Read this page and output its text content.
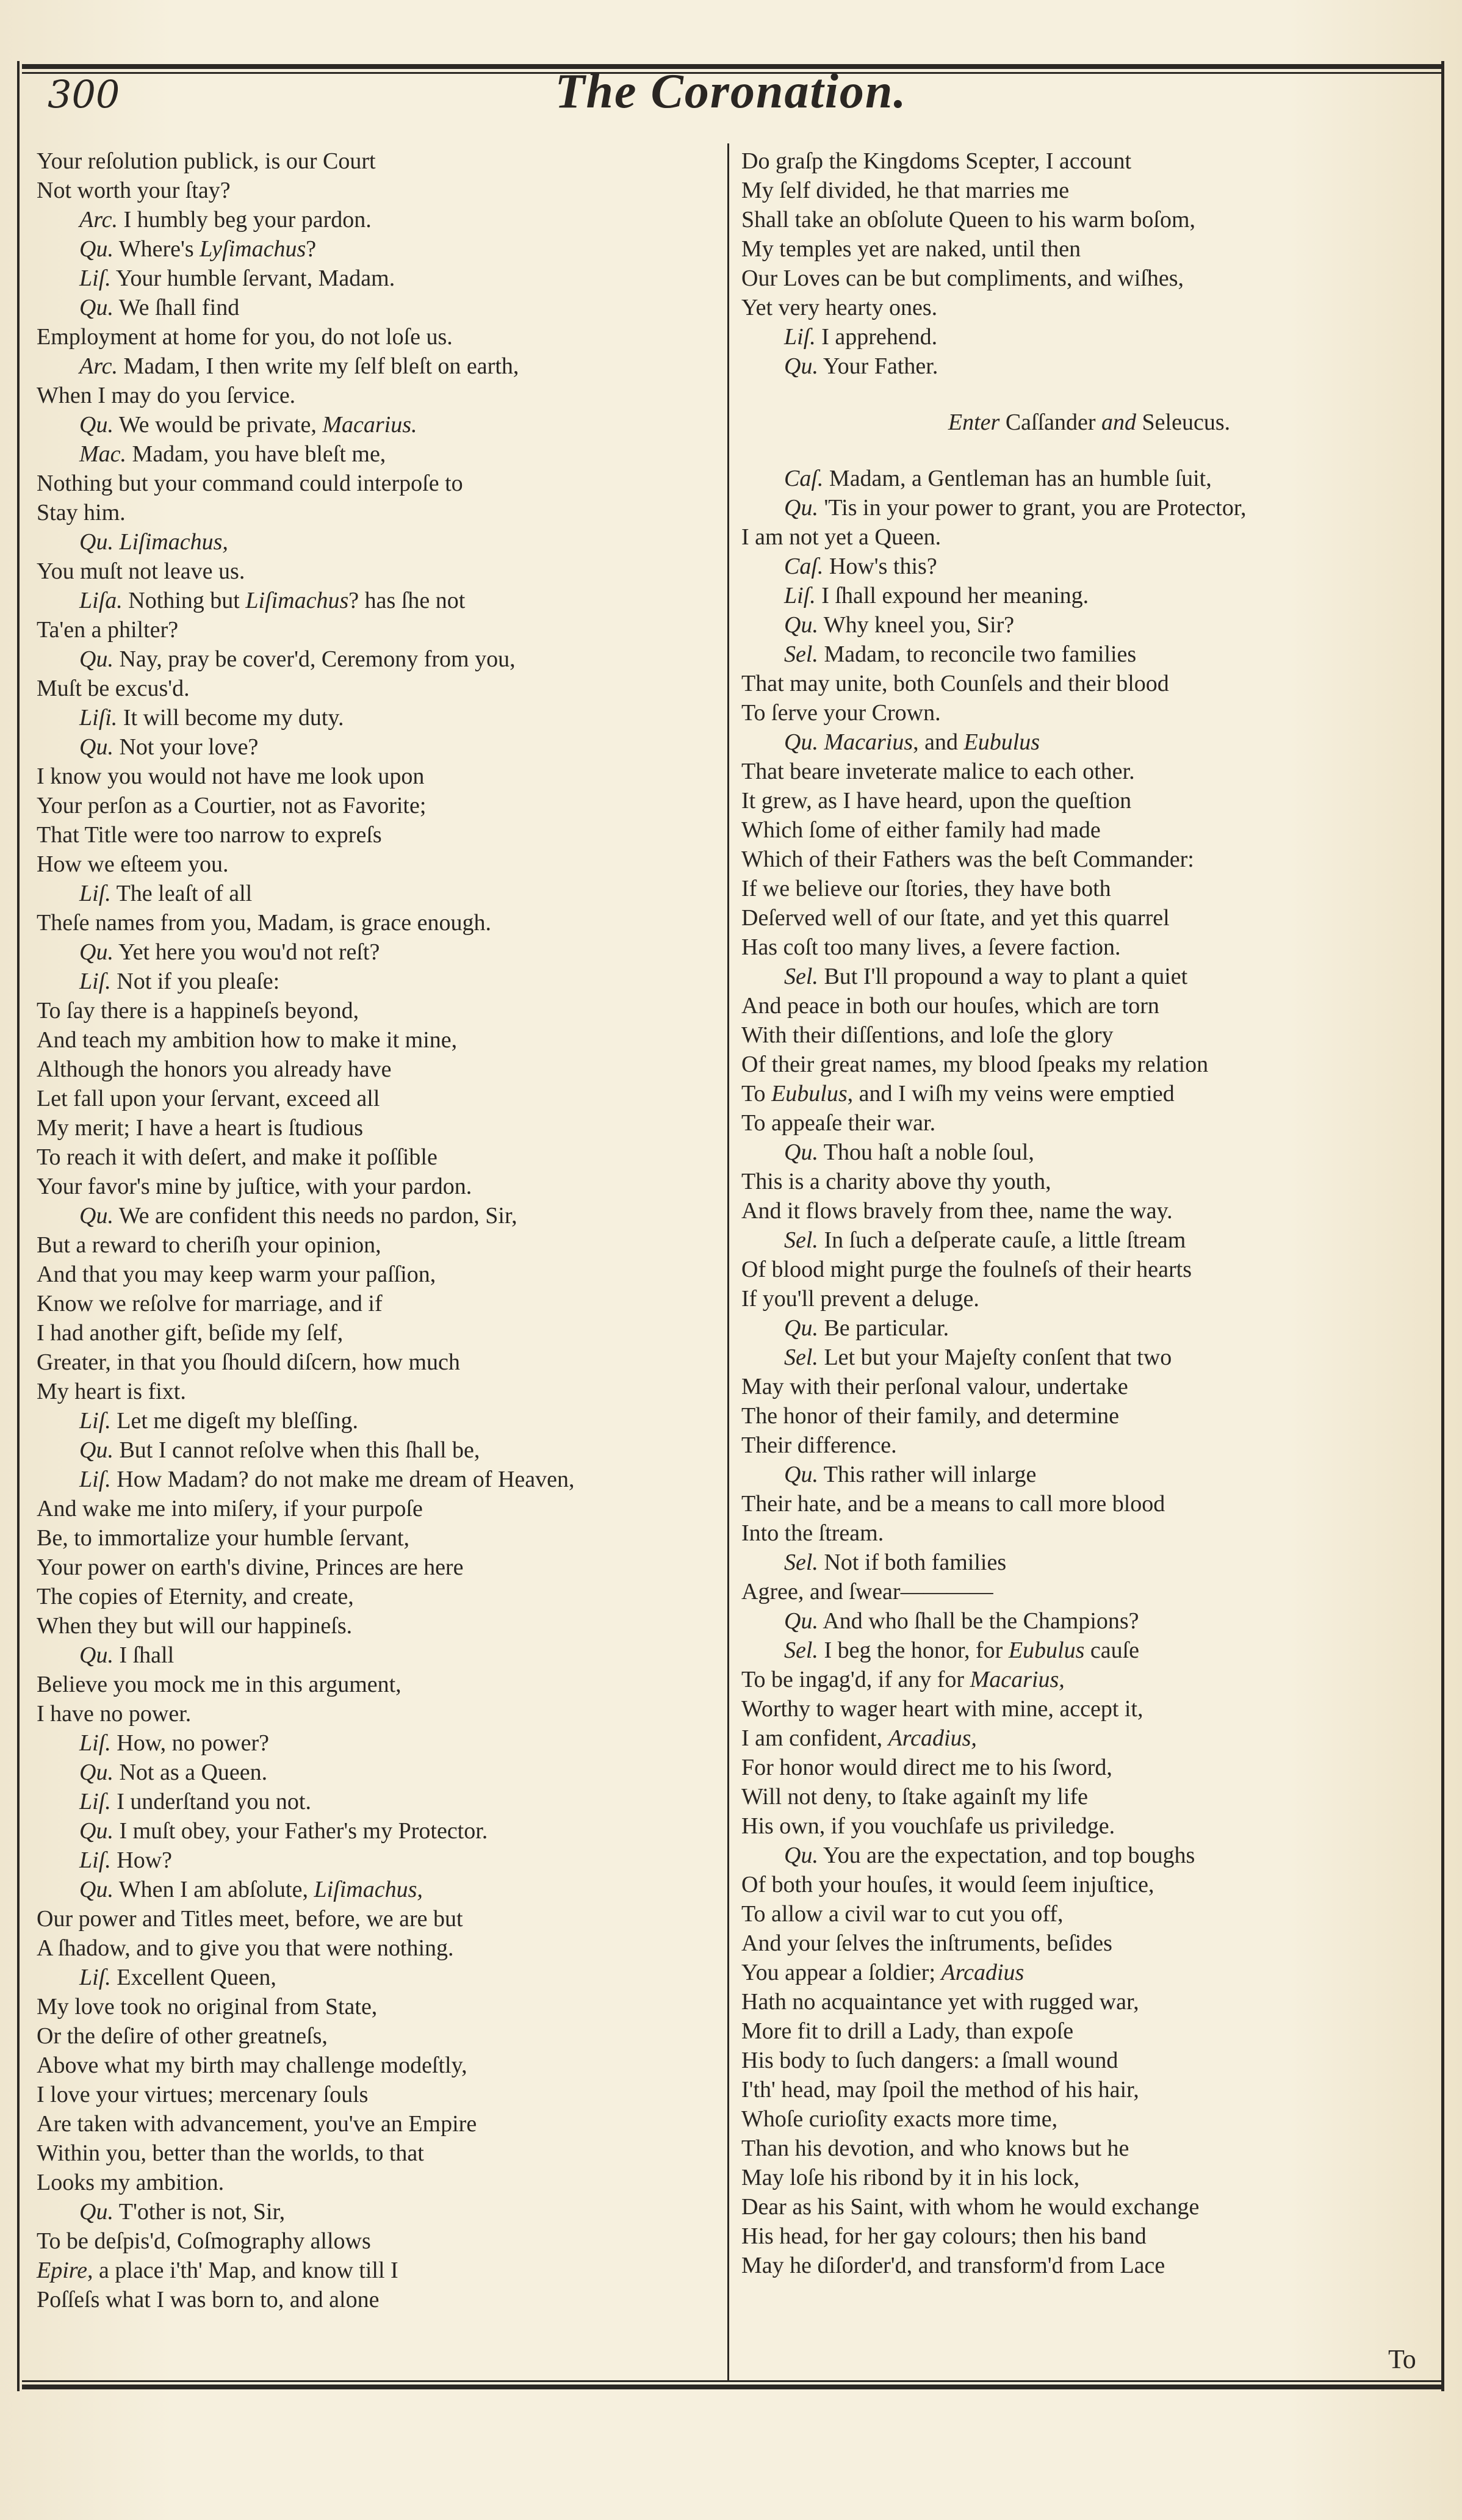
300	The Coronation.
Your reſolution publick, is our Court
Not worth your ſtay?
Arc. I humbly beg your pardon.
Qu. Where's Lyſimachus?
Liſ. Your humble ſervant, Madam.
Qu. We ſhall find
Employment at home for you, do not loſe us.
Arc. Madam, I then write my ſelf bleſt on earth,
When I may do you ſervice.
Qu. We would be private, Macarius.
Mac. Madam, you have bleſt me,
Nothing but your command could interpoſe to
Stay him.
Qu. Liſimachus,
You muſt not leave us.
Liſa. Nothing but Liſimachus? has ſhe not
Ta'en a philter?
Qu. Nay, pray be cover'd, Ceremony from you,
Muſt be excus'd.
Liſi. It will become my duty.
Qu. Not your love?
I know you would not have me look upon
Your perſon as a Courtier, not as Favorite;
That Title were too narrow to expreſs
How we eſteem you.
Liſ. The leaſt of all
Theſe names from you, Madam, is grace enough.
Qu. Yet here you wou'd not reſt?
Liſ. Not if you pleaſe:
To ſay there is a happineſs beyond,
And teach my ambition how to make it mine,
Although the honors you already have
Let fall upon your ſervant, exceed all
My merit; I have a heart is ſtudious
To reach it with deſert, and make it poſſible
Your favor's mine by juſtice, with your pardon.
Qu. We are confident this needs no pardon, Sir,
But a reward to cheriſh your opinion,
And that you may keep warm your paſſion,
Know we reſolve for marriage, and if
I had another gift, beſide my ſelf,
Greater, in that you ſhould diſcern, how much
My heart is fixt.
Liſ. Let me digeſt my bleſſing.
Qu. But I cannot reſolve when this ſhall be,
Liſ. How Madam? do not make me dream of Heaven,
And wake me into miſery, if your purpoſe
Be, to immortalize your humble ſervant,
Your power on earth's divine, Princes are here
The copies of Eternity, and create,
When they but will our happineſs.
Qu. I ſhall
Believe you mock me in this argument,
I have no power.
Liſ. How, no power?
Qu. Not as a Queen.
Liſ. I underſtand you not.
Qu. I muſt obey, your Father's my Protector.
Liſ. How?
Qu. When I am abſolute, Liſimachus,
Our power and Titles meet, before, we are but
A ſhadow, and to give you that were nothing.
Liſ. Excellent Queen,
My love took no original from State,
Or the deſire of other greatneſs,
Above what my birth may challenge modeſtly,
I love your virtues; mercenary ſouls
Are taken with advancement, you've an Empire
Within you, better than the worlds, to that
Looks my ambition.
Qu. T'other is not, Sir,
To be deſpis'd, Coſmography allows
Epire, a place i'th' Map, and know till I
Poſſeſs what I was born to, and alone
Do graſp the Kingdoms Scepter, I account
My ſelf divided, he that marries me
Shall take an obſolute Queen to his warm boſom,
My temples yet are naked, until then
Our Loves can be but compliments, and wiſhes,
Yet very hearty ones.
Liſ. I apprehend.
Qu. Your Father.
Enter Caſſander and Seleucus.
Caſ. Madam, a Gentleman has an humble ſuit,
Qu. 'Tis in your power to grant, you are Protector,
I am not yet a Queen.
Caſ. How's this?
Liſ. I ſhall expound her meaning.
Qu. Why kneel you, Sir?
Sel. Madam, to reconcile two families
That may unite, both Counſels and their blood
To ſerve your Crown.
Qu. Macarius, and Eubulus
That beare inveterate malice to each other.
It grew, as I have heard, upon the queſtion
Which ſome of either family had made
Which of their Fathers was the beſt Commander:
If we believe our ſtories, they have both
Deſerved well of our ſtate, and yet this quarrel
Has coſt too many lives, a ſevere faction.
Sel. But I'll propound a way to plant a quiet
And peace in both our houſes, which are torn
With their diſſentions, and loſe the glory
Of their great names, my blood ſpeaks my relation
To Eubulus, and I wiſh my veins were emptied
To appeaſe their war.
Qu. Thou haſt a noble ſoul,
This is a charity above thy youth,
And it flows bravely from thee, name the way.
Sel. In ſuch a deſperate cauſe, a little ſtream
Of blood might purge the foulneſs of their hearts
If you'll prevent a deluge.
Qu. Be particular.
Sel. Let but your Majeſty conſent that two
May with their perſonal valour, undertake
The honor of their family, and determine
Their difference.
Qu. This rather will inlarge
Their hate, and be a means to call more blood
Into the ſtream.
Sel. Not if both families
Agree, and ſwear————
Qu. And who ſhall be the Champions?
Sel. I beg the honor, for Eubulus cauſe
To be ingag'd, if any for Macarius,
Worthy to wager heart with mine, accept it,
I am confident, Arcadius,
For honor would direct me to his ſword,
Will not deny, to ſtake againſt my life
His own, if you vouchſafe us priviledge.
Qu. You are the expectation, and top boughs
Of both your houſes, it would ſeem injuſtice,
To allow a civil war to cut you off,
And your ſelves the inſtruments, beſides
You appear a ſoldier; Arcadius
Hath no acquaintance yet with rugged war,
More fit to drill a Lady, than expoſe
His body to ſuch dangers: a ſmall wound
I'th' head, may ſpoil the method of his hair,
Whoſe curioſity exacts more time,
Than his devotion, and who knows but he
May loſe his ribond by it in his lock,
Dear as his Saint, with whom he would exchange
His head, for her gay colours; then his band
May he diſorder'd, and transform'd from Lace
To
